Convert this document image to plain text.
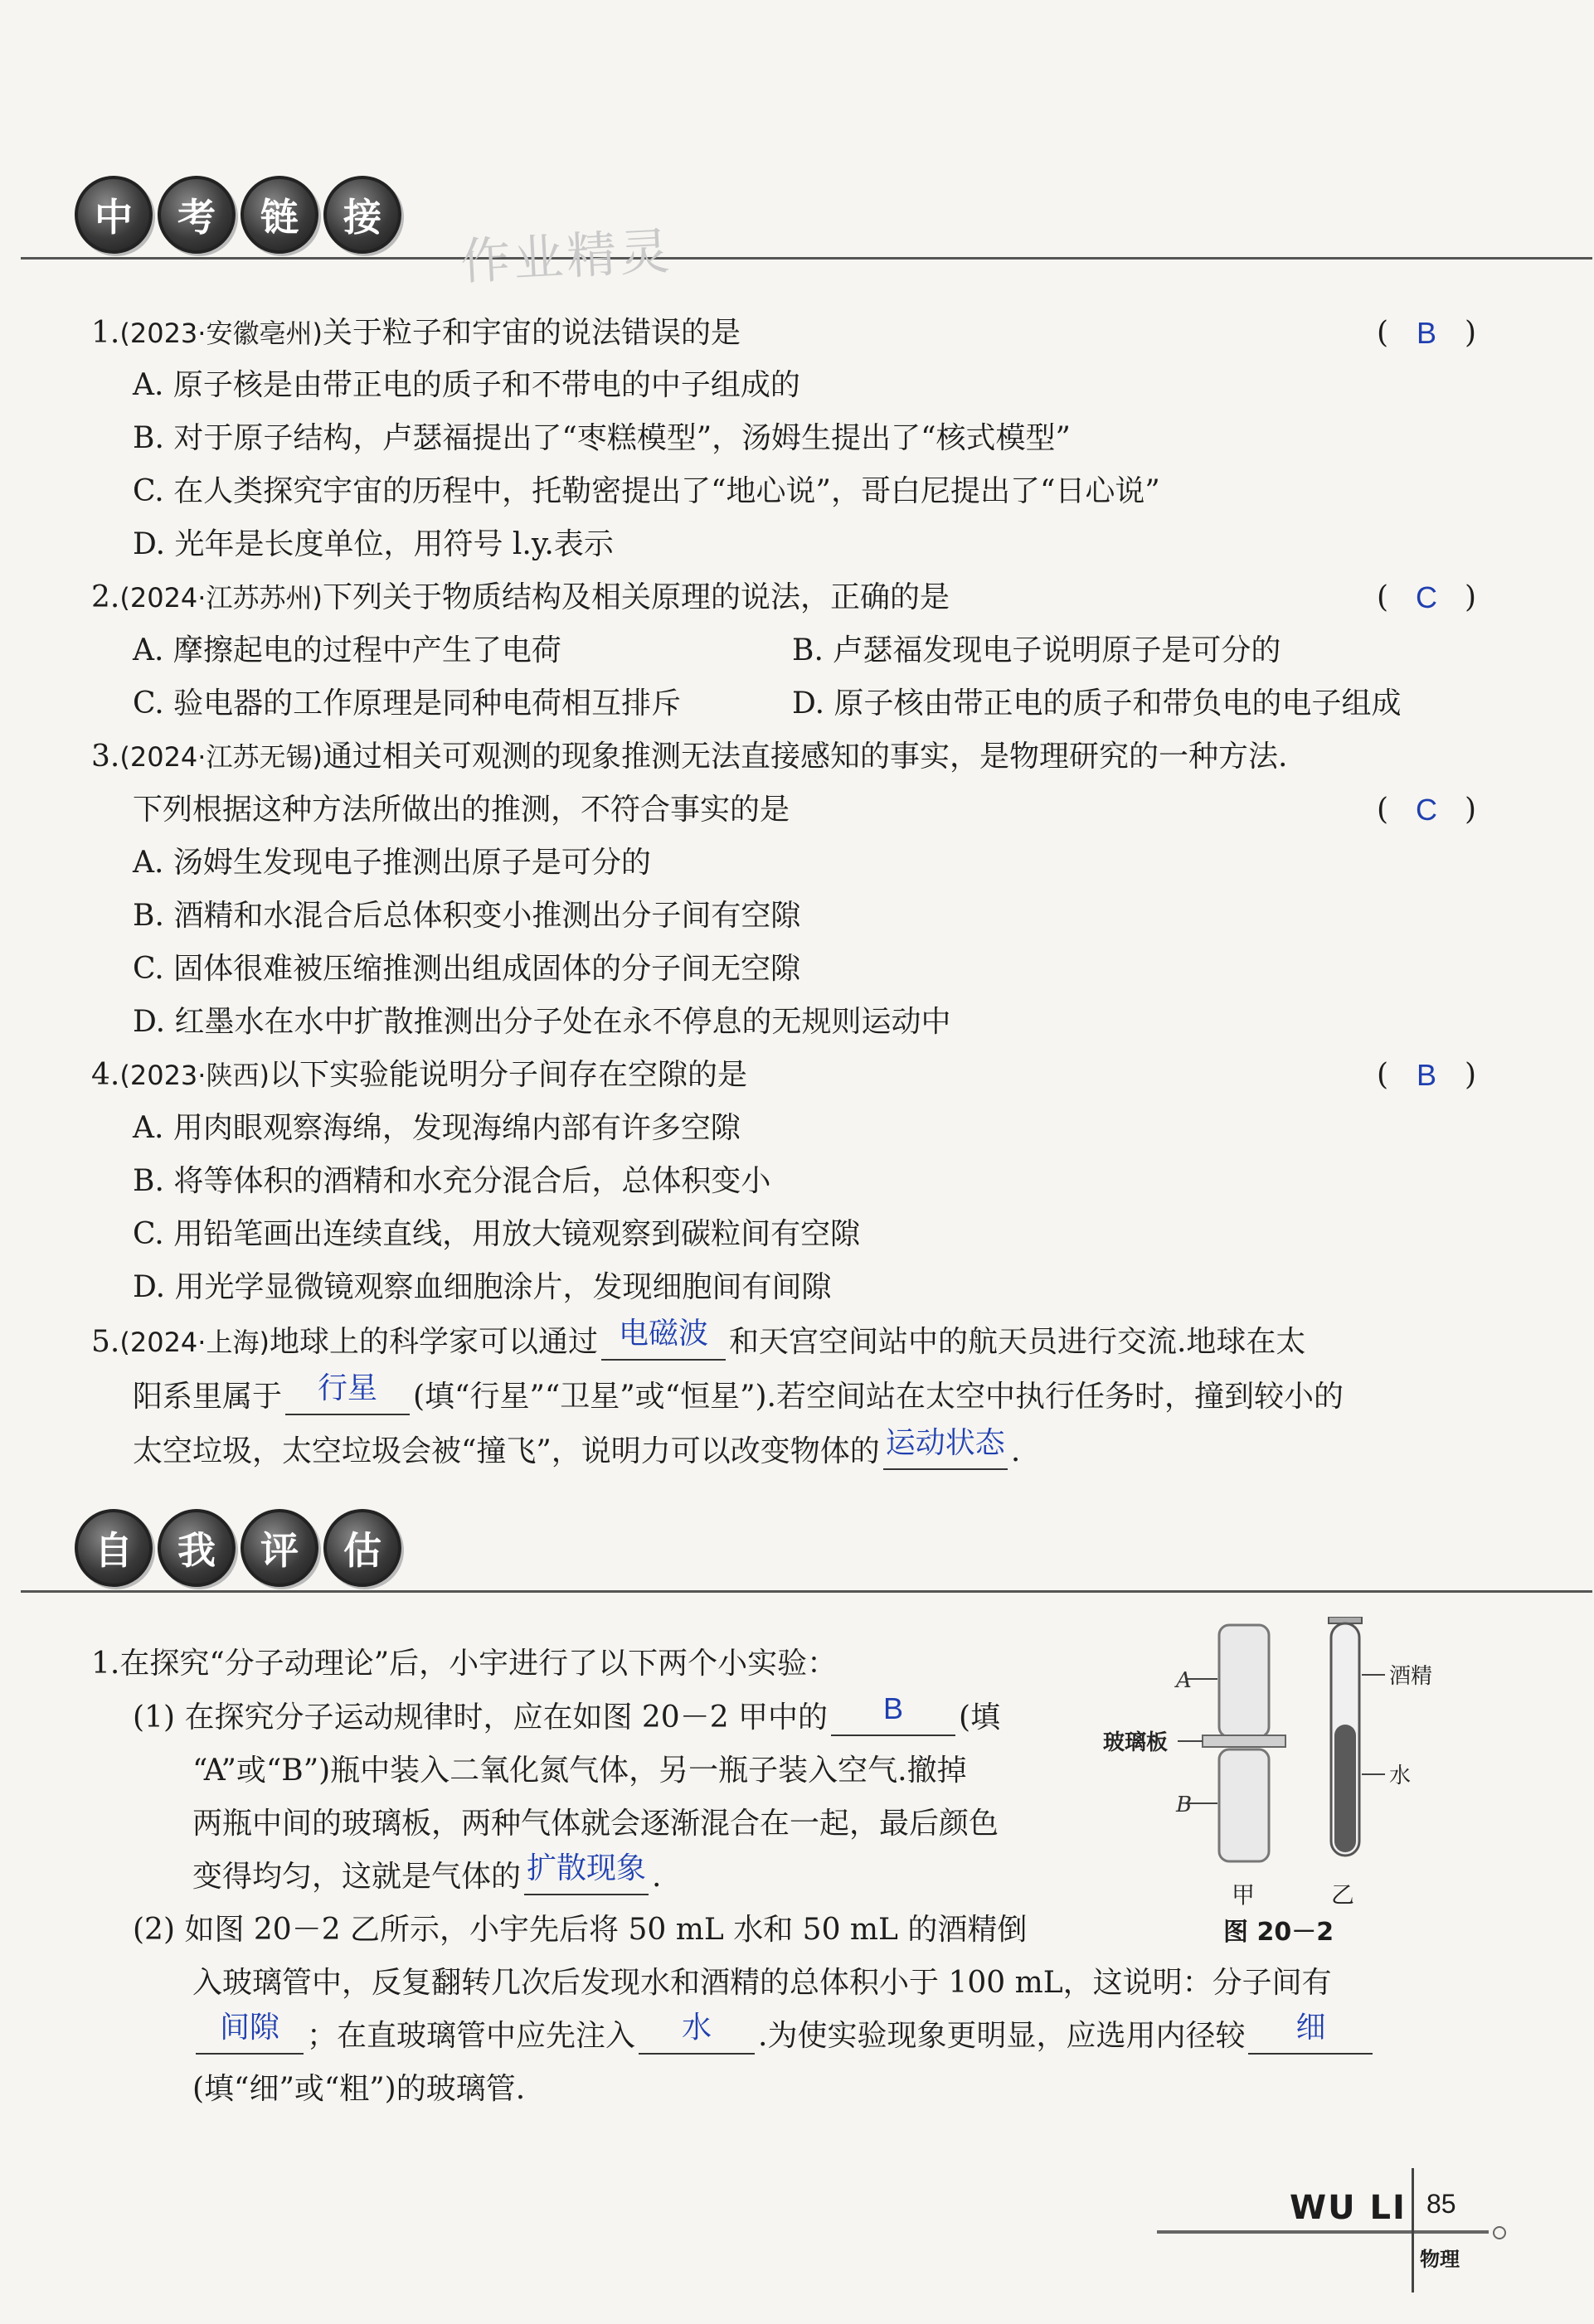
中	考	链	接
作业精灵
1.(2023·安徽亳州)关于粒子和宇宙的说法错误的是	( B )
A. 原子核是由带正电的质子和不带电的中子组成的
B. 对于原子结构，卢瑟福提出了“枣糕模型”，汤姆生提出了“核式模型”
C. 在人类探究宇宙的历程中，托勒密提出了“地心说”，哥白尼提出了“日心说”
D. 光年是长度单位，用符号 l.y.表示
2.(2024·江苏苏州)下列关于物质结构及相关原理的说法，正确的是	( C )
A. 摩擦起电的过程中产生了电荷	B. 卢瑟福发现电子说明原子是可分的
C. 验电器的工作原理是同种电荷相互排斥	D. 原子核由带正电的质子和带负电的电子组成
3.(2024·江苏无锡)通过相关可观测的现象推测无法直接感知的事实，是物理研究的一种方法.
下列根据这种方法所做出的推测，不符合事实的是	( C )
A. 汤姆生发现电子推测出原子是可分的
B. 酒精和水混合后总体积变小推测出分子间有空隙
C. 固体很难被压缩推测出组成固体的分子间无空隙
D. 红墨水在水中扩散推测出分子处在永不停息的无规则运动中
4.(2023·陕西)以下实验能说明分子间存在空隙的是	( B )
A. 用肉眼观察海绵，发现海绵内部有许多空隙
B. 将等体积的酒精和水充分混合后，总体积变小
C. 用铅笔画出连续直线，用放大镜观察到碳粒间有空隙
D. 用光学显微镜观察血细胞涂片，发现细胞间有间隙
5.(2024·上海)地球上的科学家可以通过 电磁波 和天宫空间站中的航天员进行交流.地球在太
阳系里属于 行星 (填“行星”“卫星”或“恒星”).若空间站在太空中执行任务时，撞到较小的
太空垃圾，太空垃圾会被“撞飞”，说明力可以改变物体的 运动状态 .
自	我	评	估
1.在探究“分子动理论”后，小宇进行了以下两个小实验：
(1) 在探究分子运动规律时，应在如图 20－2 甲中的 B (填
“A”或“B”)瓶中装入二氧化氮气体，另一瓶子装入空气.撤掉
两瓶中间的玻璃板，两种气体就会逐渐混合在一起，最后颜色
变得均匀，这就是气体的 扩散现象 .
(2) 如图 20－2 乙所示，小宇先后将 50 mL 水和 50 mL 的酒精倒
入玻璃管中，反复翻转几次后发现水和酒精的总体积小于 100 mL，这说明：分子间有
间隙 ；在直玻璃管中应先注入 水 .为使实验现象更明显，应选用内径较 细
(填“细”或“粗”)的玻璃管.
A
B
玻璃板
酒精
水
甲	乙
图 20－2
WU LI 85
物理
